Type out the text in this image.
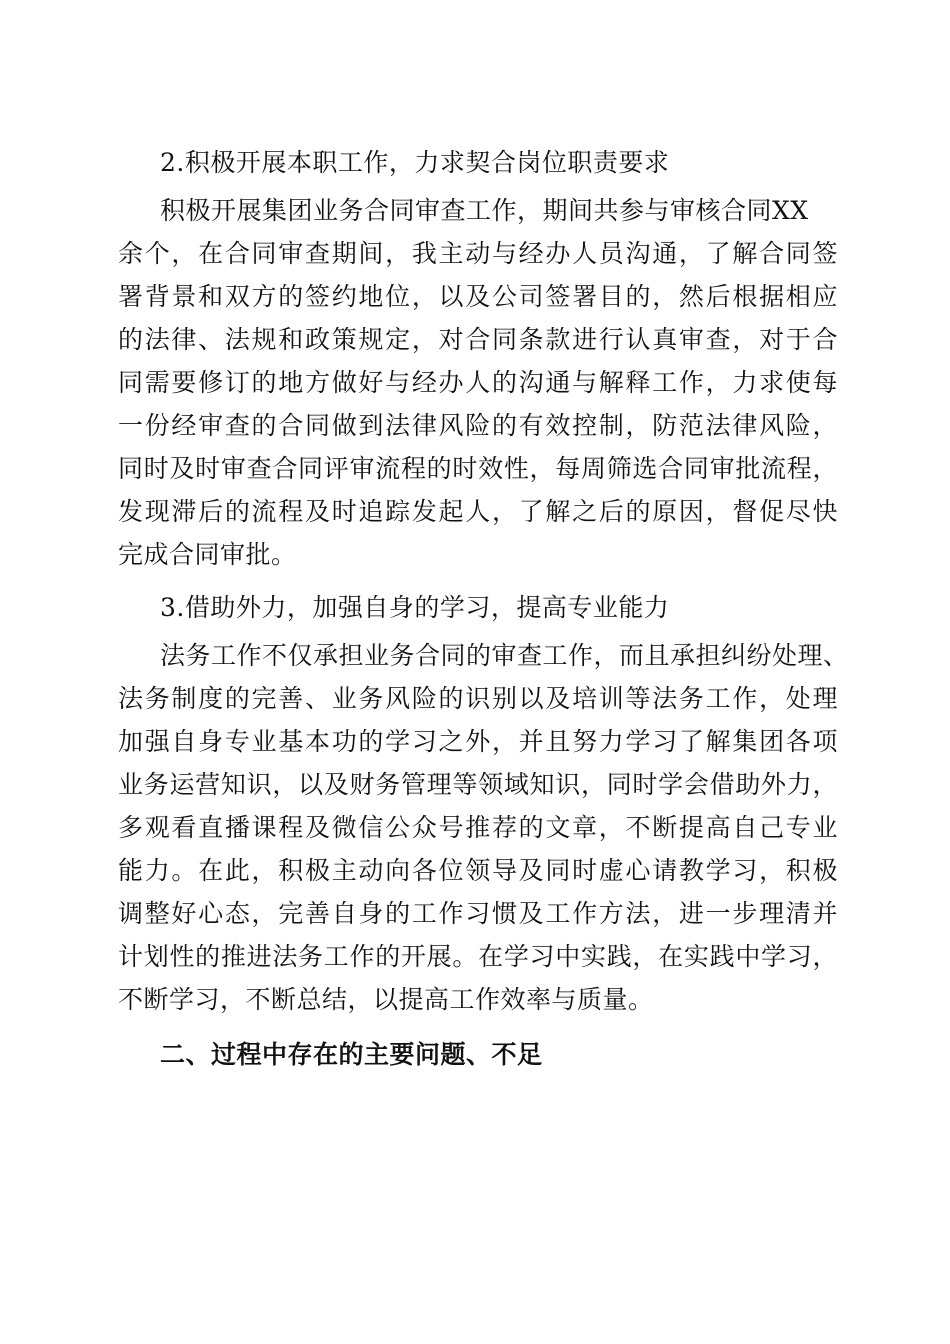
2.积极开展本职工作，力求契合岗位职责要求
积极开展集团业务合同审查工作，期间共参与审核合同XX
余个，在合同审查期间，我主动与经办人员沟通，了解合同签
署背景和双方的签约地位，以及公司签署目的，然后根据相应
的法律、法规和政策规定，对合同条款进行认真审查，对于合
同需要修订的地方做好与经办人的沟通与解释工作，力求使每
一份经审查的合同做到法律风险的有效控制，防范法律风险，
同时及时审查合同评审流程的时效性，每周筛选合同审批流程，
发现滞后的流程及时追踪发起人，了解之后的原因，督促尽快
完成合同审批。
3.借助外力，加强自身的学习，提高专业能力
法务工作不仅承担业务合同的审查工作，而且承担纠纷处理、
法务制度的完善、业务风险的识别以及培训等法务工作，处理
加强自身专业基本功的学习之外，并且努力学习了解集团各项
业务运营知识，以及财务管理等领域知识，同时学会借助外力，
多观看直播课程及微信公众号推荐的文章，不断提高自己专业
能力。在此，积极主动向各位领导及同时虚心请教学习，积极
调整好心态，完善自身的工作习惯及工作方法，进一步理清并
计划性的推进法务工作的开展。在学习中实践，在实践中学习，
不断学习，不断总结，以提高工作效率与质量。
二、过程中存在的主要问题、不足
